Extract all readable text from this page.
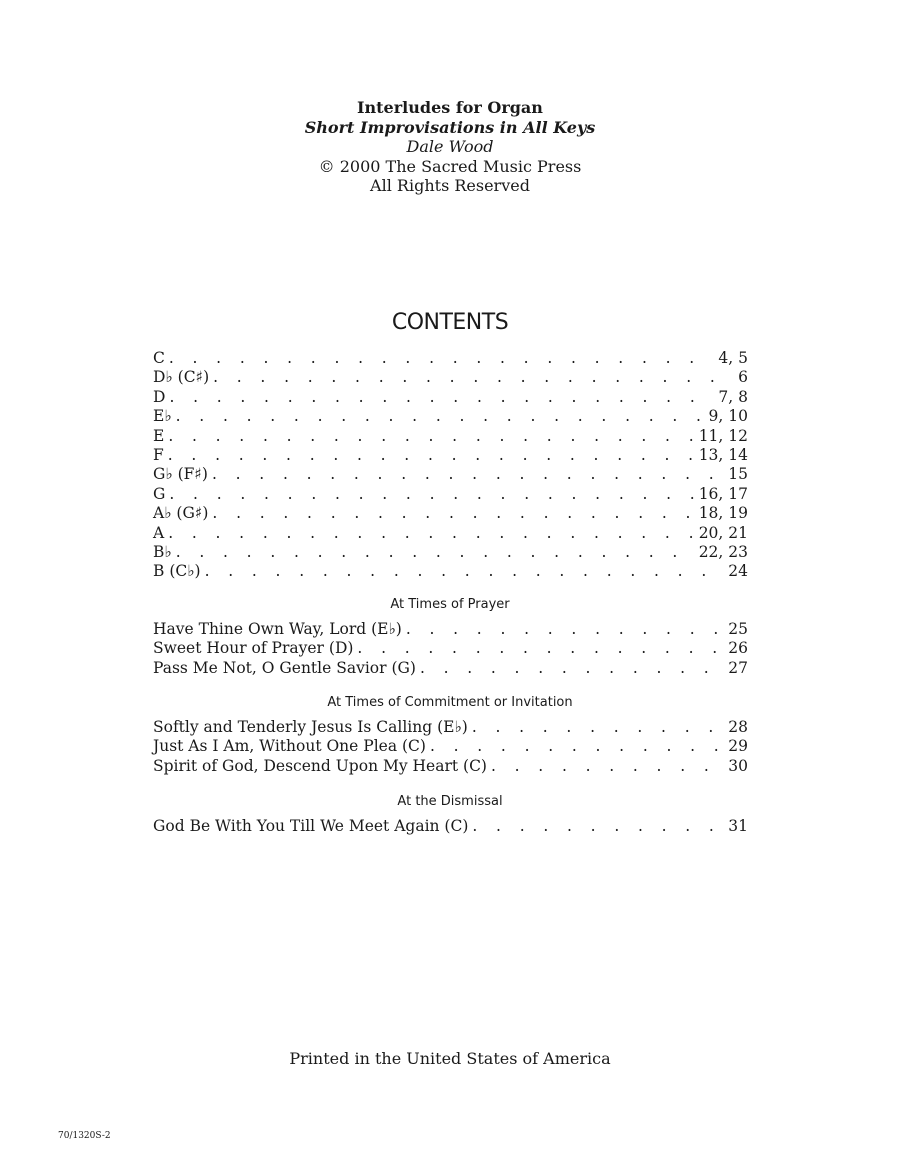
Interludes for Organ
Short Improvisations in All Keys
Dale Wood
© 2000 The Sacred Music Press
All Rights Reserved
CONTENTS
C . . .	4, 5
D♭ (C♯) . . .	6
D . . .	7, 8
E♭ . . .	9, 10
E . . .	11, 12
F . . .	13, 14
G♭ (F♯) . . .	15
G . . .	16, 17
A♭ (G♯) . . .	18, 19
A . . .	20, 21
B♭ . . .	22, 23
B (C♭) . . .	24
At Times of Prayer
Have Thine Own Way, Lord (E♭) . . .	25
Sweet Hour of Prayer (D) . . .	26
Pass Me Not, O Gentle Savior (G) . . .	27
At Times of Commitment or Invitation
Softly and Tenderly Jesus Is Calling (E♭) . . .	28
Just As I Am, Without One Plea (C) . . .	29
Spirit of God, Descend Upon My Heart (C) . . .	30
At the Dismissal
God Be With You Till We Meet Again (C) . . .	31
Printed in the United States of America
70/1320S-2
